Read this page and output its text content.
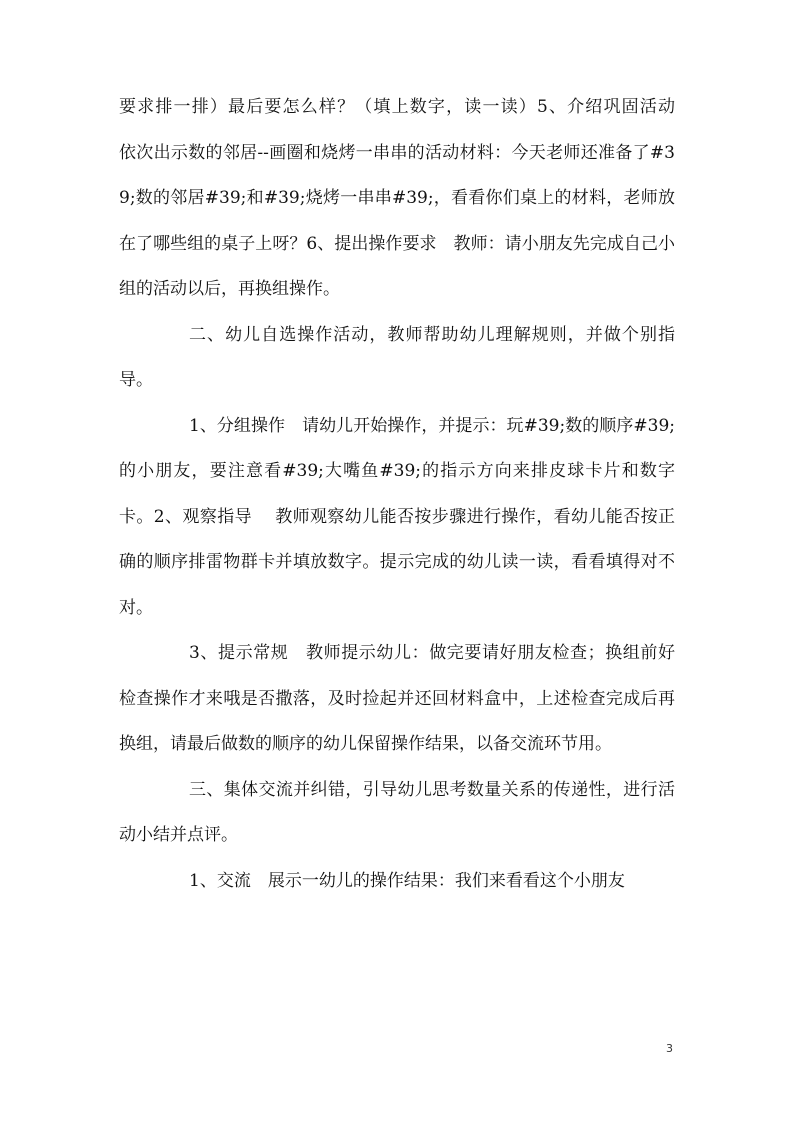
要求排一排）最后要怎么样？（填上数字，读一读）5、介绍巩固活动　 依次出示数的邻居--画圈和烧烤一串串的活动材料：今天老师还准备了#39;数的邻居#39;和#39;烧烤一串串#39;，看看你们桌上的材料，老师放在了哪些组的桌子上呀？6、提出操作要求　教师：请小朋友先完成自己小组的活动以后，再换组操作。

二、幼儿自选操作活动，教师帮助幼儿理解规则，并做个别指导。

1、分组操作　请幼儿开始操作，并提示：玩#39;数的顺序#39;的小朋友，要注意看#39;大嘴鱼#39;的指示方向来排皮球卡片和数字卡。2、观察指导　 教师观察幼儿能否按步骤进行操作，看幼儿能否按正确的顺序排雷物群卡并填放数字。提示完成的幼儿读一读，看看填得对不对。

3、提示常规　教师提示幼儿：做完要请好朋友检查；换组前好检查操作才来哦是否撒落，及时捡起并还回材料盒中，上述检查完成后再换组，请最后做数的顺序的幼儿保留操作结果，以备交流环节用。

三、集体交流并纠错，引导幼儿思考数量关系的传递性，进行活动小结并点评。

1、交流　展示一幼儿的操作结果：我们来看看这个小朋友

3
